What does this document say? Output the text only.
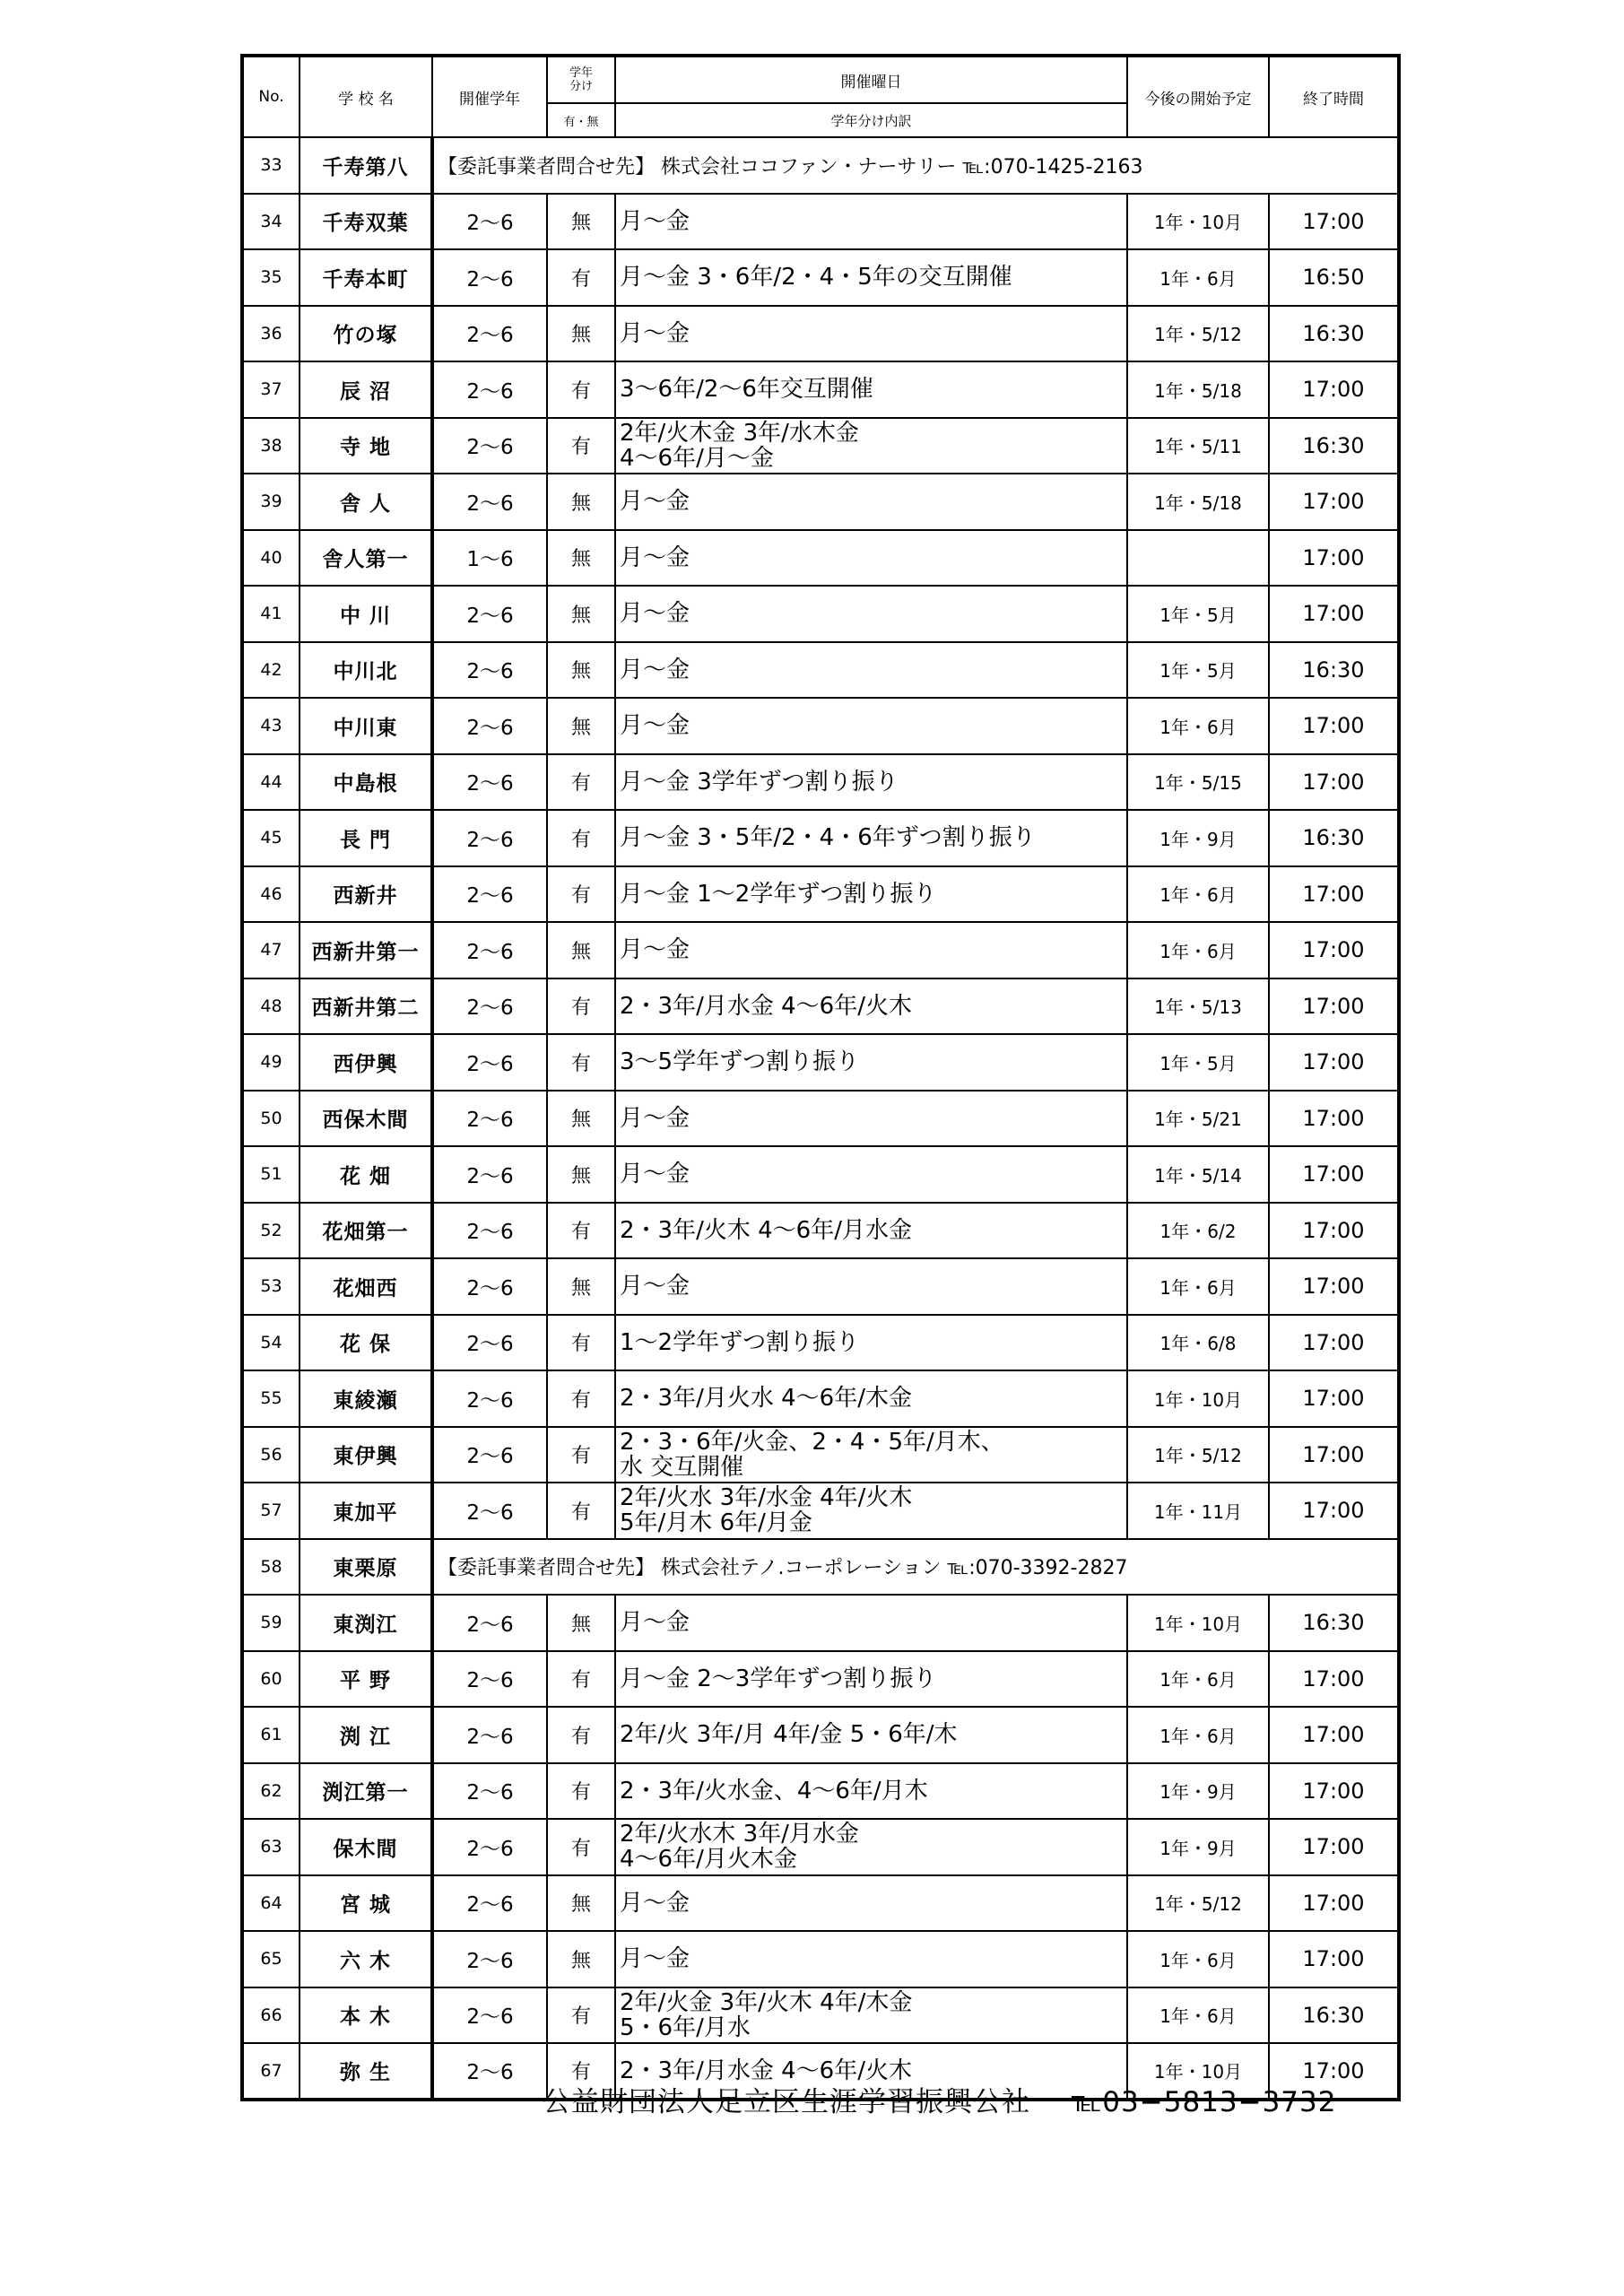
No.	学 校 名	開催学年	学年
分け	開催曜日	今後の開始予定	終了時間
			有・無	学年分け内訳		
33	千寿第八	【委託事業者問合せ先】 株式会社ココファン・ナーサリー ℡:070-1425-2163				
34	千寿双葉	2〜6	無	月〜金	1年・10月	17:00
35	千寿本町	2〜6	有	月〜金 3・6年/2・4・5年の交互開催	1年・6月	16:50
36	竹の塚	2〜6	無	月〜金	1年・5/12	16:30
37	辰 沼	2〜6	有	3〜6年/2〜6年交互開催	1年・5/18	17:00
38	寺 地	2〜6	有	2年/火木金 3年/水木金
4〜6年/月〜金	1年・5/11	16:30
39	舎 人	2〜6	無	月〜金	1年・5/18	17:00
40	舎人第一	1〜6	無	月〜金		17:00
41	中 川	2〜6	無	月〜金	1年・5月	17:00
42	中川北	2〜6	無	月〜金	1年・5月	16:30
43	中川東	2〜6	無	月〜金	1年・6月	17:00
44	中島根	2〜6	有	月〜金 3学年ずつ割り振り	1年・5/15	17:00
45	長 門	2〜6	有	月〜金 3・5年/2・4・6年ずつ割り振り	1年・9月	16:30
46	西新井	2〜6	有	月〜金 1〜2学年ずつ割り振り	1年・6月	17:00
47	西新井第一	2〜6	無	月〜金	1年・6月	17:00
48	西新井第二	2〜6	有	2・3年/月水金 4〜6年/火木	1年・5/13	17:00
49	西伊興	2〜6	有	3〜5学年ずつ割り振り	1年・5月	17:00
50	西保木間	2〜6	無	月〜金	1年・5/21	17:00
51	花 畑	2〜6	無	月〜金	1年・5/14	17:00
52	花畑第一	2〜6	有	2・3年/火木 4〜6年/月水金	1年・6/2	17:00
53	花畑西	2〜6	無	月〜金	1年・6月	17:00
54	花 保	2〜6	有	1〜2学年ずつ割り振り	1年・6/8	17:00
55	東綾瀬	2〜6	有	2・3年/月火水 4〜6年/木金	1年・10月	17:00
56	東伊興	2〜6	有	2・3・6年/火金、2・4・5年/月木、
水 交互開催	1年・5/12	17:00
57	東加平	2〜6	有	2年/火水 3年/水金 4年/火木
5年/月木 6年/月金	1年・11月	17:00
58	東栗原	【委託事業者問合せ先】 株式会社テノ.コーポレーション ℡:070-3392-2827				
59	東渕江	2〜6	無	月〜金	1年・10月	16:30
60	平 野	2〜6	有	月〜金 2〜3学年ずつ割り振り	1年・6月	17:00
61	渕 江	2〜6	有	2年/火 3年/月 4年/金 5・6年/木	1年・6月	17:00
62	渕江第一	2〜6	有	2・3年/火水金、4〜6年/月木	1年・9月	17:00
63	保木間	2〜6	有	2年/火水木 3年/月水金
4〜6年/月火木金	1年・9月	17:00
64	宮 城	2〜6	無	月〜金	1年・5/12	17:00
65	六 木	2〜6	無	月〜金	1年・6月	17:00
66	本 木	2〜6	有	2年/火金 3年/火木 4年/木金
5・6年/月水	1年・6月	16:30
67	弥 生	2〜6	有	2・3年/月水金 4〜6年/火木	1年・10月	17:00
公益財団法人足立区生涯学習振興公社 ℡03−5813−3732
